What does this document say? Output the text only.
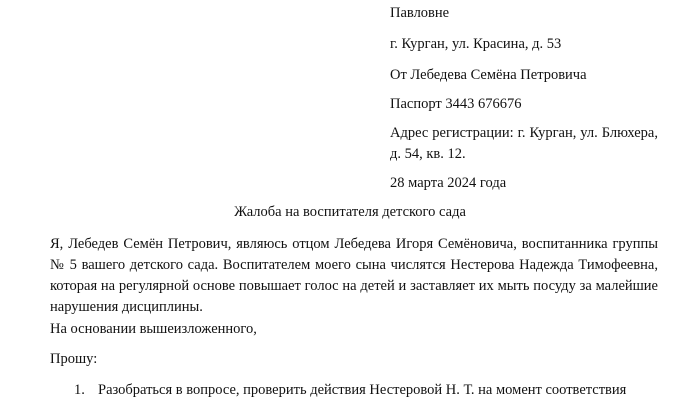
Павловне
г. Курган, ул. Красина, д. 53
От Лебедева Семёна Петровича
Паспорт 3443 676676
Адрес регистрации: г. Курган, ул. Блюхера, д. 54, кв. 12.
28 марта 2024 года
Жалоба на воспитателя детского сада
Я, Лебедев Семён Петрович, являюсь отцом Лебедева Игоря Семёновича, воспитанника группы № 5 вашего детского сада. Воспитателем моего сына числятся Нестерова Надежда Тимофеевна, которая на регулярной основе повышает голос на детей и заставляет их мыть посуду за малейшие нарушения дисциплины.
На основании вышеизложенного,
Прошу:
1. Разобраться в вопросе, проверить действия Нестеровой Н. Т. на момент соответствия
